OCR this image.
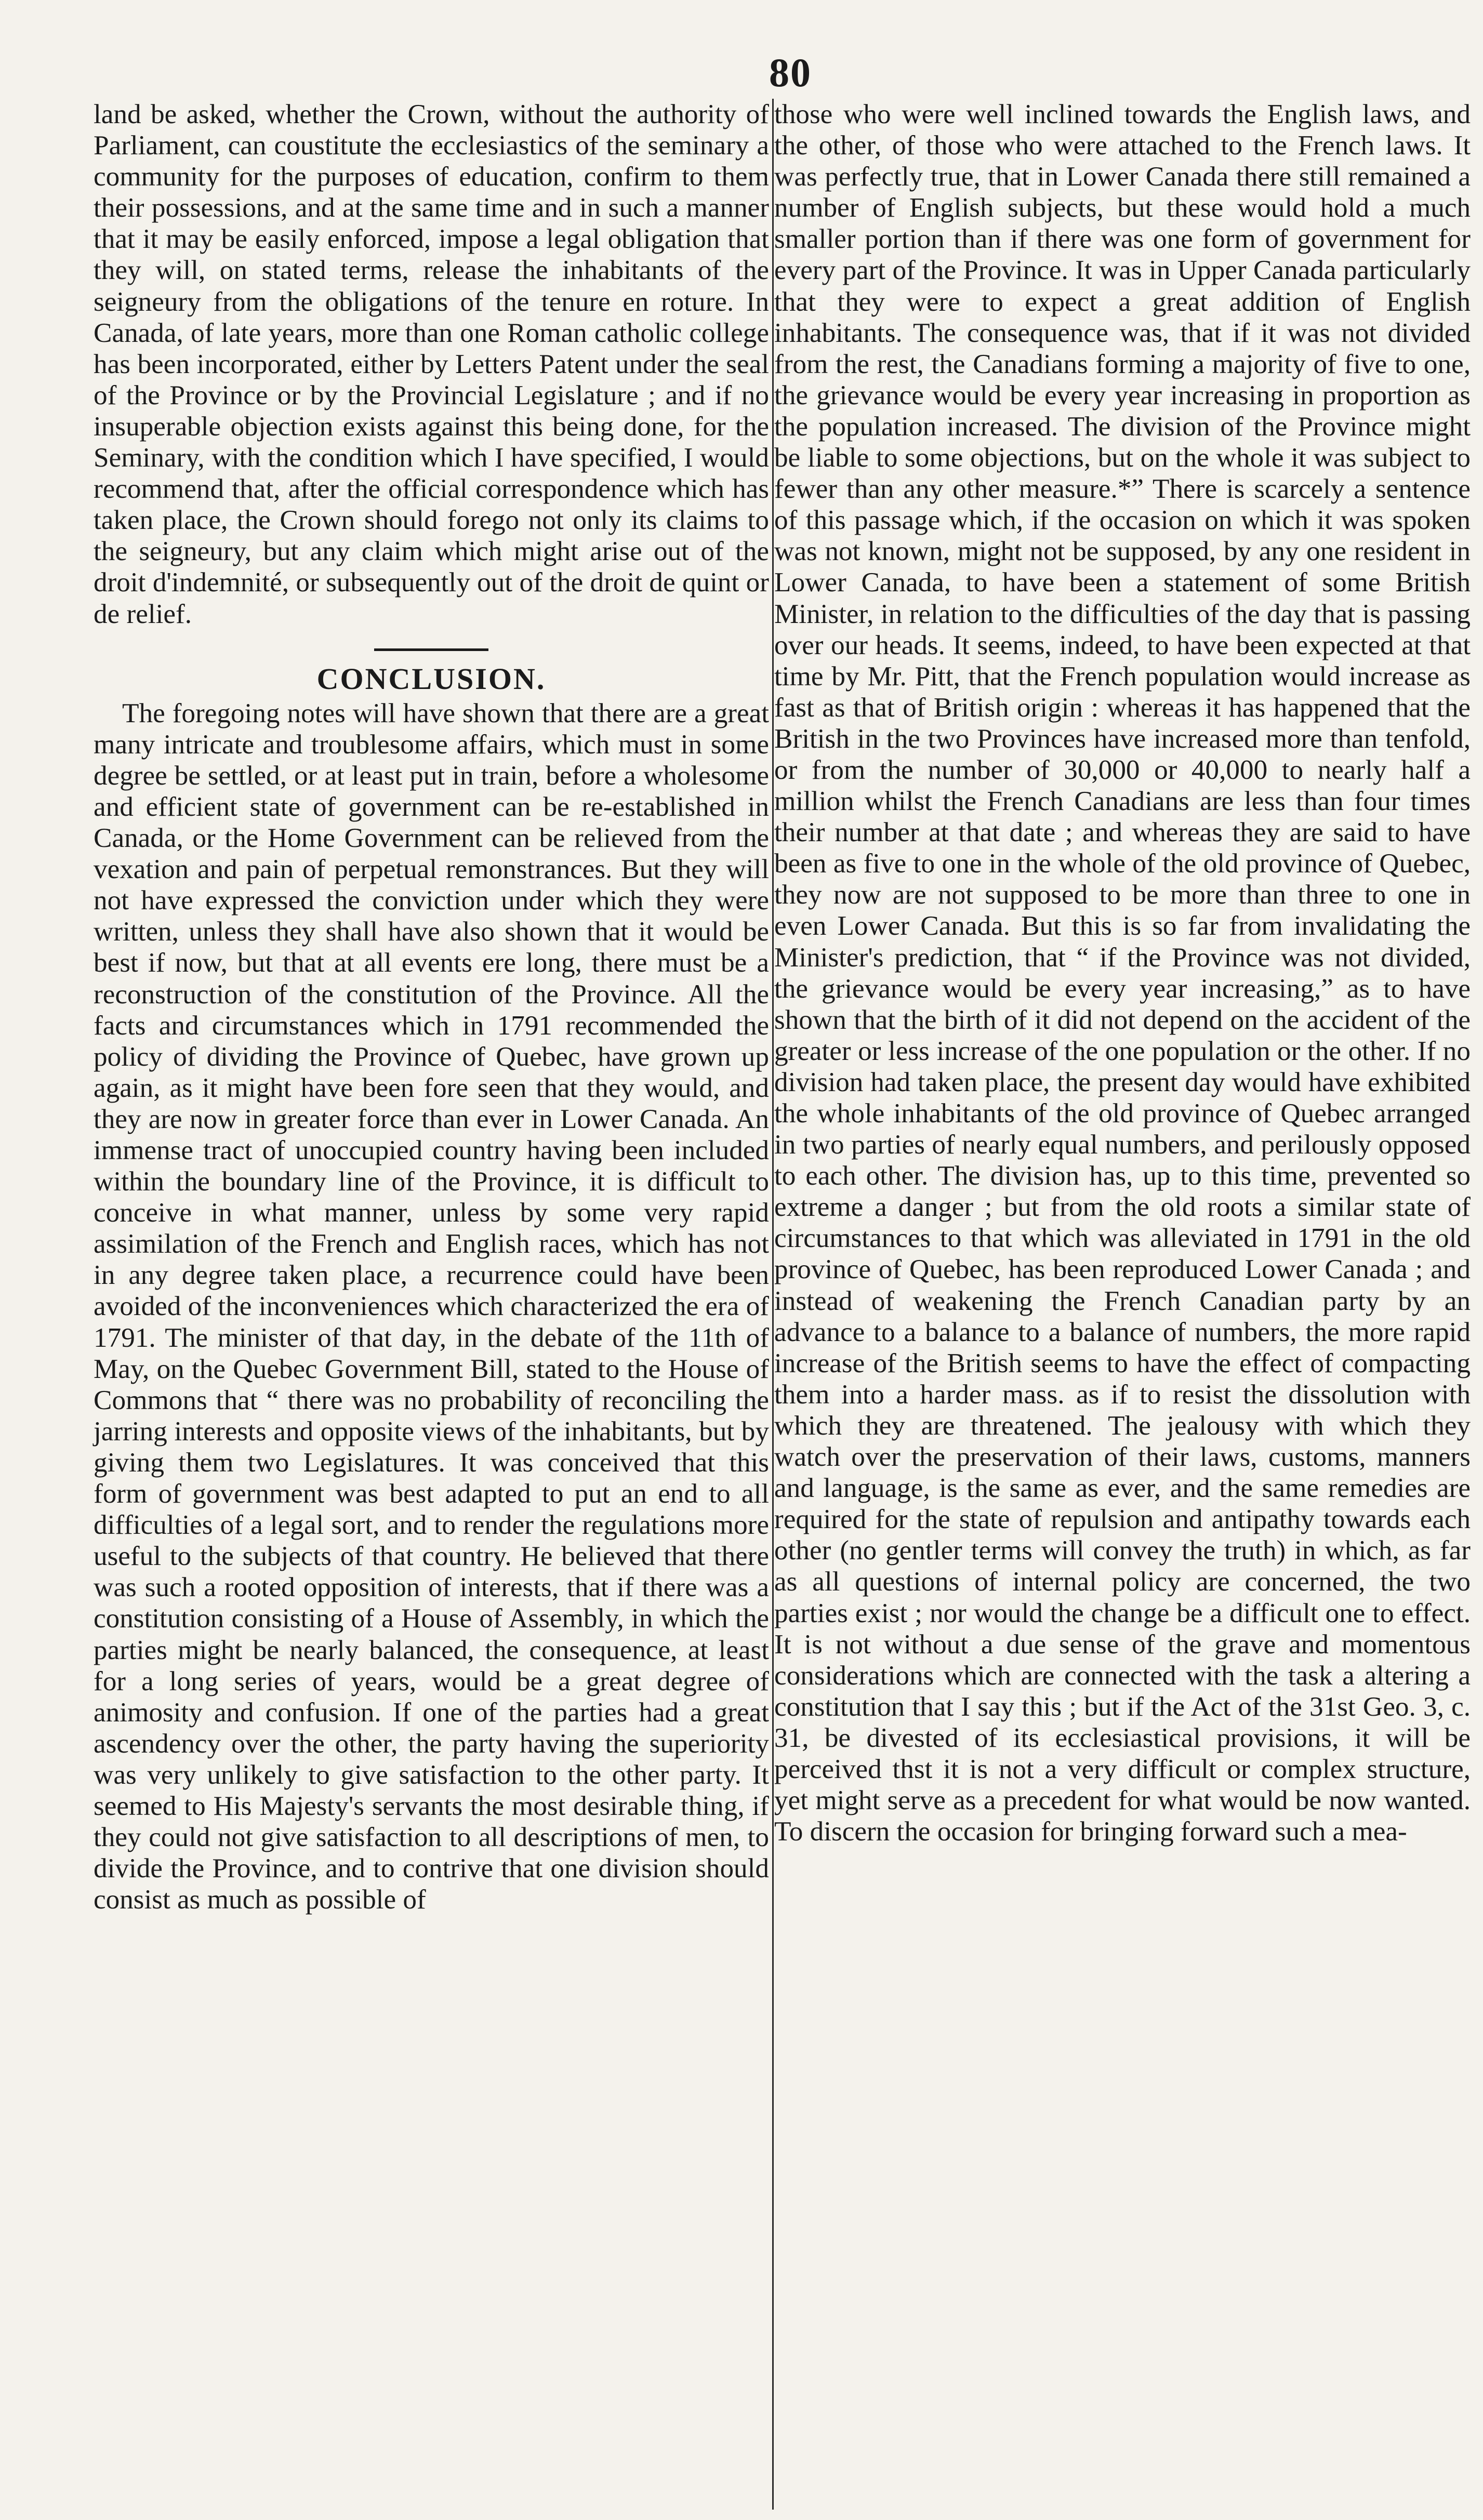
80

land be asked, whether the Crown, without the authority of Parliament, can coustitute the ecclesiastics of the seminary a community for the purposes of education, confirm to them their possessions, and at the same time and in such a manner that it may be easily enforced, impose a legal obligation that they will, on stated terms, release the inhabitants of the seigneury from the obligations of the tenure en roture. In Canada, of late years, more than one Roman catholic college has been incorporated, either by Letters Patent under the seal of the Province or by the Provincial Legislature ; and if no insuperable objection exists against this being done, for the Seminary, with the condition which I have specified, I would recommend that, after the official correspondence which has taken place, the Crown should forego not only its claims to the seigneury, but any claim which might arise out of the droit d'indemnité, or subsequently out of the droit de quint or de relief.

CONCLUSION.

The foregoing notes will have shown that there are a great many intricate and troublesome affairs, which must in some degree be settled, or at least put in train, before a wholesome and efficient state of government can be re-established in Canada, or the Home Government can be relieved from the vexation and pain of perpetual remonstrances. But they will not have expressed the conviction under which they were written, unless they shall have also shown that it would be best if now, but that at all events ere long, there must be a reconstruction of the constitution of the Province. All the facts and circumstances which in 1791 recommended the policy of dividing the Province of Quebec, have grown up again, as it might have been fore seen that they would, and they are now in greater force than ever in Lower Canada. An immense tract of unoccupied country having been included within the boundary line of the Province, it is difficult to conceive in what manner, unless by some very rapid assimilation of the French and English races, which has not in any degree taken place, a recurrence could have been avoided of the inconveniences which characterized the era of 1791. The minister of that day, in the debate of the 11th of May, on the Quebec Government Bill, stated to the House of Commons that “ there was no probability of reconciling the jarring interests and opposite views of the inhabitants, but by giving them two Legislatures. It was conceived that this form of government was best adapted to put an end to all difficulties of a legal sort, and to render the regulations more useful to the subjects of that country. He believed that there was such a rooted opposition of interests, that if there was a constitution consisting of a House of Assembly, in which the parties might be nearly balanced, the consequence, at least for a long series of years, would be a great degree of animosity and confusion. If one of the parties had a great ascendency over the other, the party having the superiority was very unlikely to give satisfaction to the other party. It seemed to His Majesty's servants the most desirable thing, if they could not give satisfaction to all descriptions of men, to divide the Province, and to contrive that one division should consist as much as possible of

those who were well inclined towards the English laws, and the other, of those who were attached to the French laws. It was perfectly true, that in Lower Canada there still remained a number of English subjects, but these would hold a much smaller portion than if there was one form of government for every part of the Province. It was in Upper Canada particularly that they were to expect a great addition of English inhabitants. The consequence was, that if it was not divided from the rest, the Canadians forming a majority of five to one, the grievance would be every year increasing in proportion as the population increased. The division of the Province might be liable to some objections, but on the whole it was subject to fewer than any other measure.*” There is scarcely a sentence of this passage which, if the occasion on which it was spoken was not known, might not be supposed, by any one resident in Lower Canada, to have been a statement of some British Minister, in relation to the difficulties of the day that is passing over our heads. It seems, indeed, to have been expected at that time by Mr. Pitt, that the French population would increase as fast as that of British origin : whereas it has happened that the British in the two Provinces have increased more than tenfold, or from the number of 30,000 or 40,000 to nearly half a million whilst the French Canadians are less than four times their number at that date ; and whereas they are said to have been as five to one in the whole of the old province of Quebec, they now are not supposed to be more than three to one in even Lower Canada. But this is so far from invalidating the Minister's prediction, that “ if the Province was not divided, the grievance would be every year increasing,” as to have shown that the birth of it did not depend on the accident of the greater or less increase of the one population or the other. If no division had taken place, the present day would have exhibited the whole inhabitants of the old province of Quebec arranged in two parties of nearly equal numbers, and perilously opposed to each other. The division has, up to this time, prevented so extreme a danger ; but from the old roots a similar state of circumstances to that which was alleviated in 1791 in the old province of Quebec, has been reproduced Lower Canada ; and instead of weakening the French Canadian party by an advance to a balance to a balance of numbers, the more rapid increase of the British seems to have the effect of compacting them into a harder mass. as if to resist the dissolution with which they are threatened. The jealousy with which they watch over the preservation of their laws, customs, manners and language, is the same as ever, and the same remedies are required for the state of repulsion and antipathy towards each other (no gentler terms will convey the truth) in which, as far as all questions of internal policy are concerned, the two parties exist ; nor would the change be a difficult one to effect. It is not without a due sense of the grave and momentous considerations which are connected with the task a altering a constitution that I say this ; but if the Act of the 31st Geo. 3, c. 31, be divested of its ecclesiastical provisions, it will be perceived thst it is not a very difficult or complex structure, yet might serve as a precedent for what would be now wanted. To discern the occasion for bringing forward such a mea-
